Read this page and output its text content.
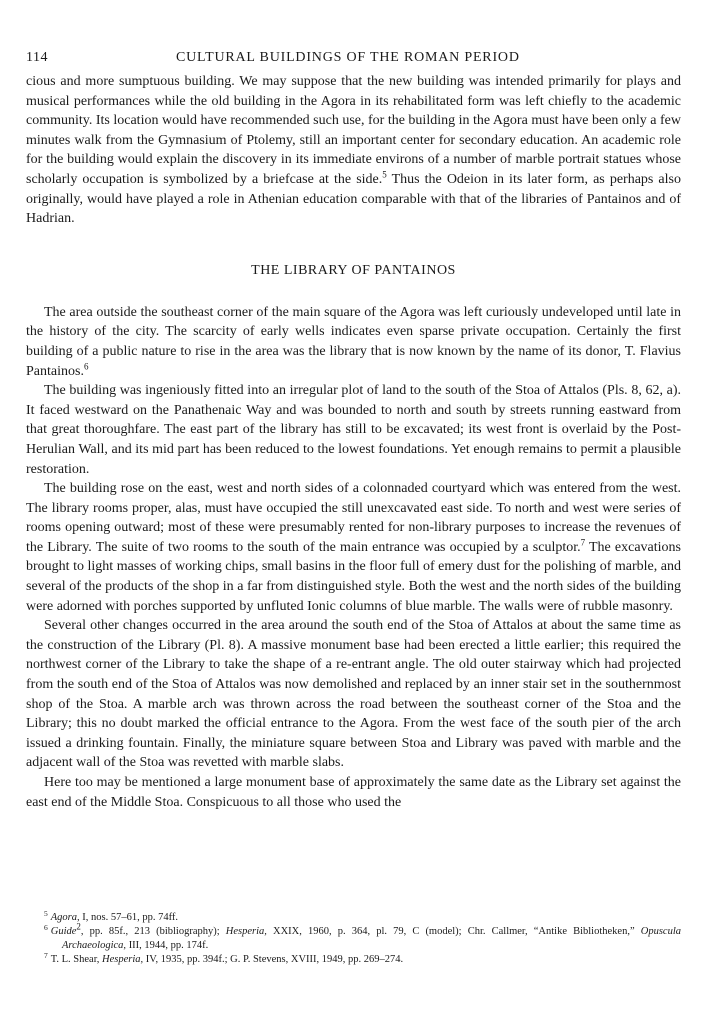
114	CULTURAL BUILDINGS OF THE ROMAN PERIOD

cious and more sumptuous building. We may suppose that the new building was intended primarily for plays and musical performances while the old building in the Agora in its rehabilitated form was left chiefly to the academic community. Its location would have recommended such use, for the building in the Agora must have been only a few minutes walk from the Gymnasium of Ptolemy, still an important center for secondary education. An academic role for the building would explain the discovery in its immediate environs of a number of marble portrait statues whose scholarly occupation is symbolized by a briefcase at the side.$^5$ Thus the Odeion in its later form, as perhaps also originally, would have played a role in Athenian education comparable with that of the libraries of Pantainos and of Hadrian.

THE LIBRARY OF PANTAINOS

The area outside the southeast corner of the main square of the Agora was left curiously undeveloped until late in the history of the city. The scarcity of early wells indicates even sparse private occupation. Certainly the first building of a public nature to rise in the area was the library that is now known by the name of its donor, T. Flavius Pantainos.$^6$

The building was ingeniously fitted into an irregular plot of land to the south of the Stoa of Attalos (Pls. 8, 62, a). It faced westward on the Panathenaic Way and was bounded to north and south by streets running eastward from that great thoroughfare. The east part of the library has still to be excavated; its west front is overlaid by the Post-Herulian Wall, and its mid part has been reduced to the lowest foundations. Yet enough remains to permit a plausible restoration.

The building rose on the east, west and north sides of a colonnaded courtyard which was entered from the west. The library rooms proper, alas, must have occupied the still unexcavated east side. To north and west were series of rooms opening outward; most of these were presumably rented for non-library purposes to increase the revenues of the Library. The suite of two rooms to the south of the main entrance was occupied by a sculptor.$^7$ The excavations brought to light masses of working chips, small basins in the floor full of emery dust for the polishing of marble, and several of the products of the shop in a far from distinguished style. Both the west and the north sides of the building were adorned with porches supported by unfluted Ionic columns of blue marble. The walls were of rubble masonry.

Several other changes occurred in the area around the south end of the Stoa of Attalos at about the same time as the construction of the Library (Pl. 8). A massive monument base had been erected a little earlier; this required the northwest corner of the Library to take the shape of a re-entrant angle. The old outer stairway which had projected from the south end of the Stoa of Attalos was now demolished and replaced by an inner stair set in the southernmost shop of the Stoa. A marble arch was thrown across the road between the southeast corner of the Stoa and the Library; this no doubt marked the official entrance to the Agora. From the west face of the south pier of the arch issued a drinking fountain. Finally, the miniature square between Stoa and Library was paved with marble and the adjacent wall of the Stoa was revetted with marble slabs.

Here too may be mentioned a large monument base of approximately the same date as the Library set against the east end of the Middle Stoa. Conspicuous to all those who used the

$^5$ Agora, I, nos. 57–61, pp. 74ff.

$^6$ Guide$^2$, pp. 85f., 213 (bibliography); Hesperia, XXIX, 1960, p. 364, pl. 79, C (model); Chr. Callmer, “Antike Bibliotheken,” Opuscula Archaeologica, III, 1944, pp. 174f.

$^7$ T. L. Shear, Hesperia, IV, 1935, pp. 394f.; G. P. Stevens, XVIII, 1949, pp. 269–274.
